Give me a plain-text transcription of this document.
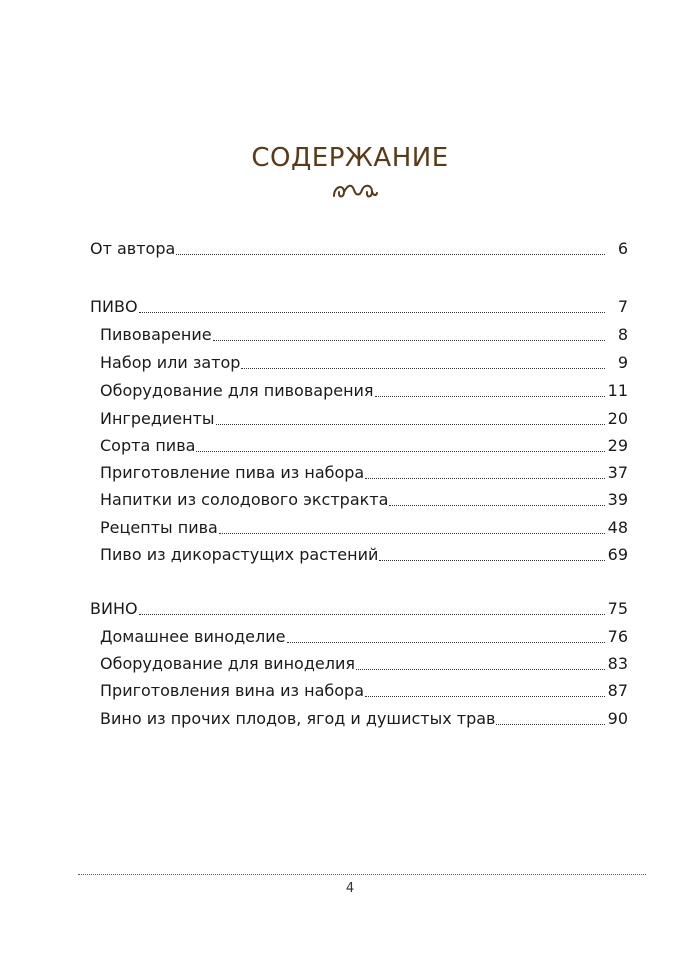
СОДЕРЖАНИЕ
От автора	6
ПИВО	7
Пивоварение	8
Набор или затор	9
Оборудование для пивоварения	11
Ингредиенты	20
Сорта пива	29
Приготовление пива из набора	37
Напитки из солодового экстракта	39
Рецепты пива	48
Пиво из дикорастущих растений	69
ВИНО	75
Домашнее виноделие	76
Оборудование для виноделия	83
Приготовления вина из набора	87
Вино из прочих плодов, ягод и душистых трав	90
4
